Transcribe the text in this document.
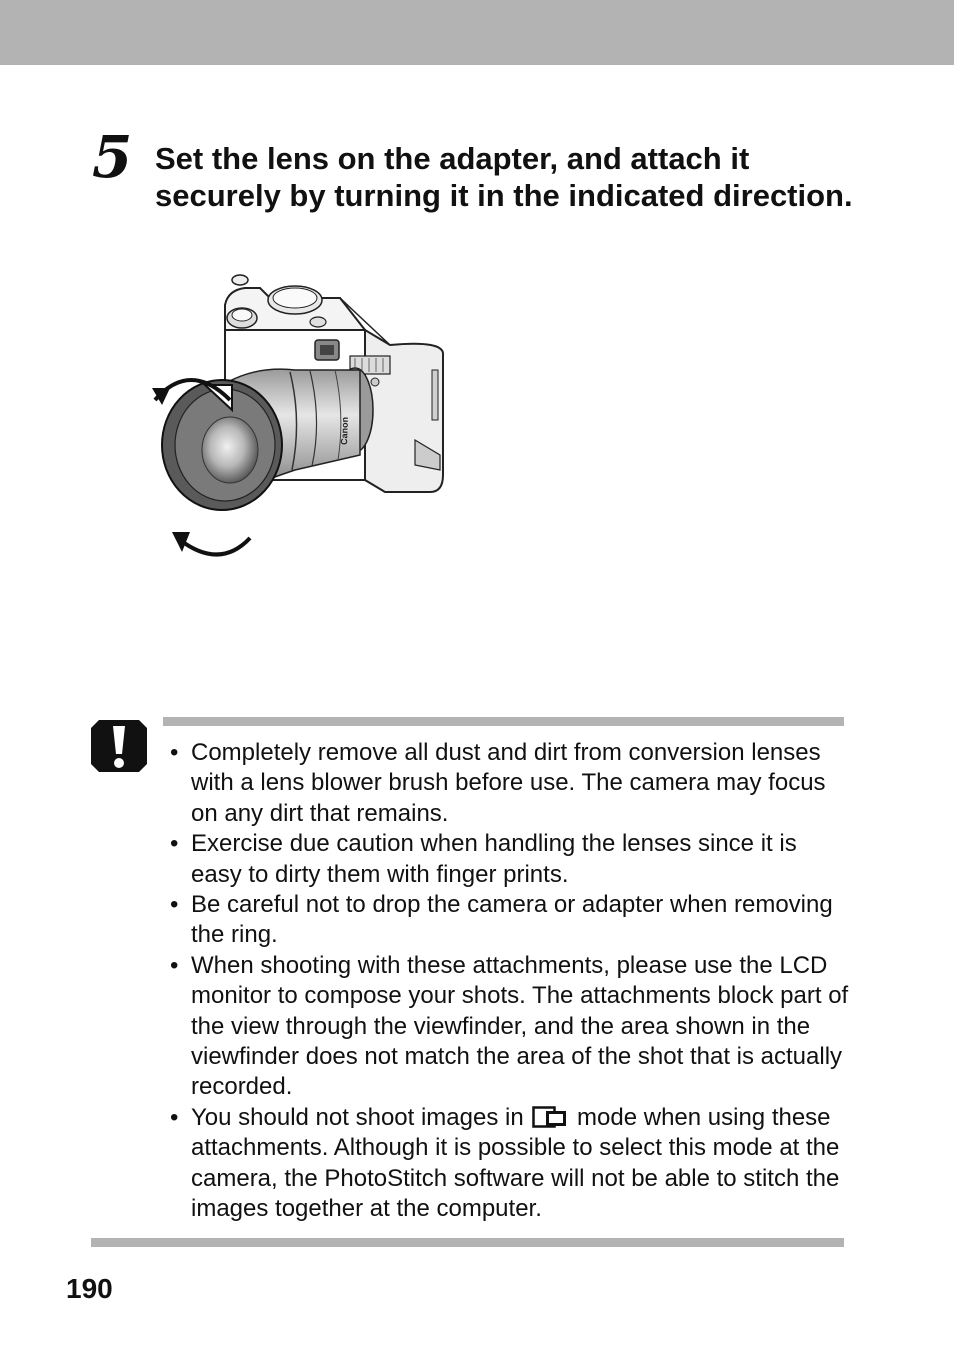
5 Set the lens on the adapter, and attach it securely by turning it in the indicated direction.
Canon
• Completely remove all dust and dirt from conversion lenses with a lens blower brush before use. The camera may focus on any dirt that remains.
• Exercise due caution when handling the lenses since it is easy to dirty them with finger prints.
• Be careful not to drop the camera or adapter when removing the ring.
• When shooting with these attachments, please use the LCD monitor to compose your shots. The attachments block part of the view through the viewfinder, and the area shown in the viewfinder does not match the area of the shot that is actually recorded.
• You should not shoot images in mode when using these attachments. Although it is possible to select this mode at the camera, the PhotoStitch software will not be able to stitch the images together at the computer.
190
